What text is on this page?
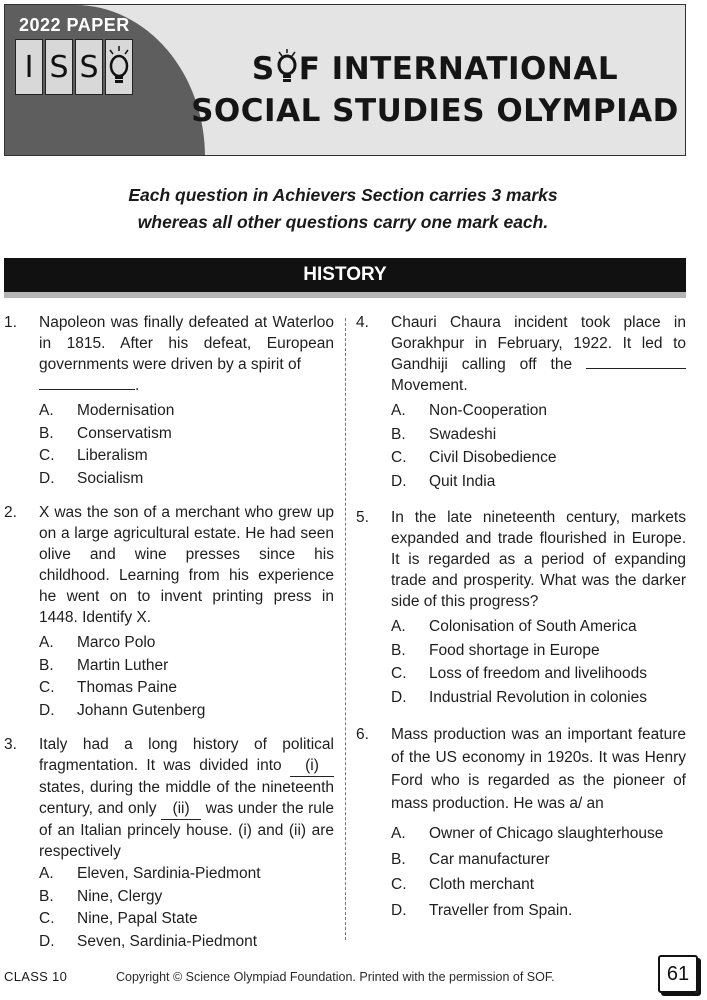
2022 PAPER
I S S	S F INTERNATIONAL
SOCIAL STUDIES OLYMPIAD
Each question in Achievers Section carries 3 marks
whereas all other questions carry one mark each.
HISTORY
1. Napoleon was finally defeated at Waterloo in 1815. After his defeat, European governments were driven by a spirit of
.
A. Modernisation
B. Conservatism
C. Liberalism
D. Socialism
2. X was the son of a merchant who grew up on a large agricultural estate. He had seen olive and wine presses since his childhood. Learning from his experience he went on to invent printing press in 1448. Identify X.
A. Marco Polo
B. Martin Luther
C. Thomas Paine
D. Johann Gutenberg
3. Italy had a long history of political fragmentation. It was divided into (i) states, during the middle of the nineteenth century, and only (ii) was under the rule of an Italian princely house. (i) and (ii) are respectively
A. Eleven, Sardinia-Piedmont
B. Nine, Clergy
C. Nine, Papal State
D. Seven, Sardinia-Piedmont
4. Chauri Chaura incident took place in Gorakhpur in February, 1922. It led to Gandhiji calling off the  Movement.
A. Non-Cooperation
B. Swadeshi
C. Civil Disobedience
D. Quit India
5. In the late nineteenth century, markets expanded and trade flourished in Europe. It is regarded as a period of expanding trade and prosperity. What was the darker side of this progress?
A. Colonisation of South America
B. Food shortage in Europe
C. Loss of freedom and livelihoods
D. Industrial Revolution in colonies
6. Mass production was an important feature of the US economy in 1920s. It was Henry Ford who is regarded as the pioneer of mass production. He was a/ an
A. Owner of Chicago slaughterhouse
B. Car manufacturer
C. Cloth merchant
D. Traveller from Spain.
CLASS 10	Copyright © Science Olympiad Foundation. Printed with the permission of SOF.	61
